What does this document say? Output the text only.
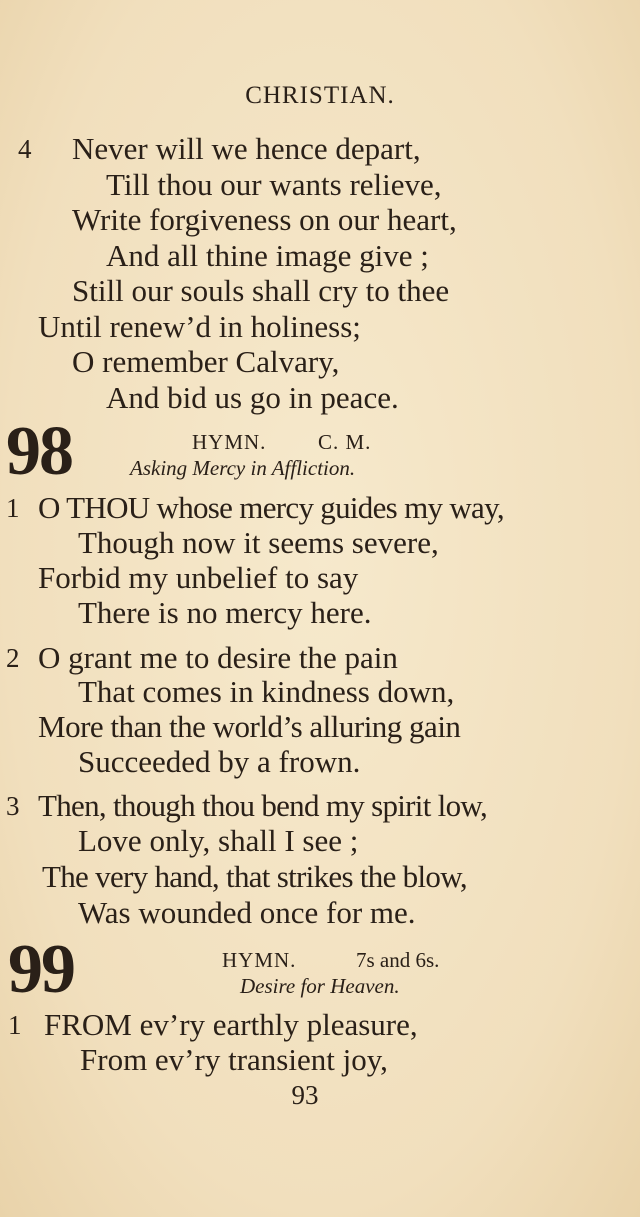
CHRISTIAN.
4 Never will we hence depart,
Till thou our wants relieve,
Write forgiveness on our heart,
And all thine image give ;
Still our souls shall cry to thee
Until renew’d in holiness;
O remember Calvary,
And bid us go in peace.
98	HYMN. C. M.
Asking Mercy in Affliction.
1 O THOU whose mercy guides my way,
Though now it seems severe,
Forbid my unbelief to say
There is no mercy here.
2 O grant me to desire the pain
That comes in kindness down,
More than the world’s alluring gain
Succeeded by a frown.
3 Then, though thou bend my spirit low,
Love only, shall I see ;
The very hand, that strikes the blow,
Was wounded once for me.
99	HYMN.	7s and 6s.
Desire for Heaven.
1 FROM ev’ry earthly pleasure,
From ev’ry transient joy,
93
